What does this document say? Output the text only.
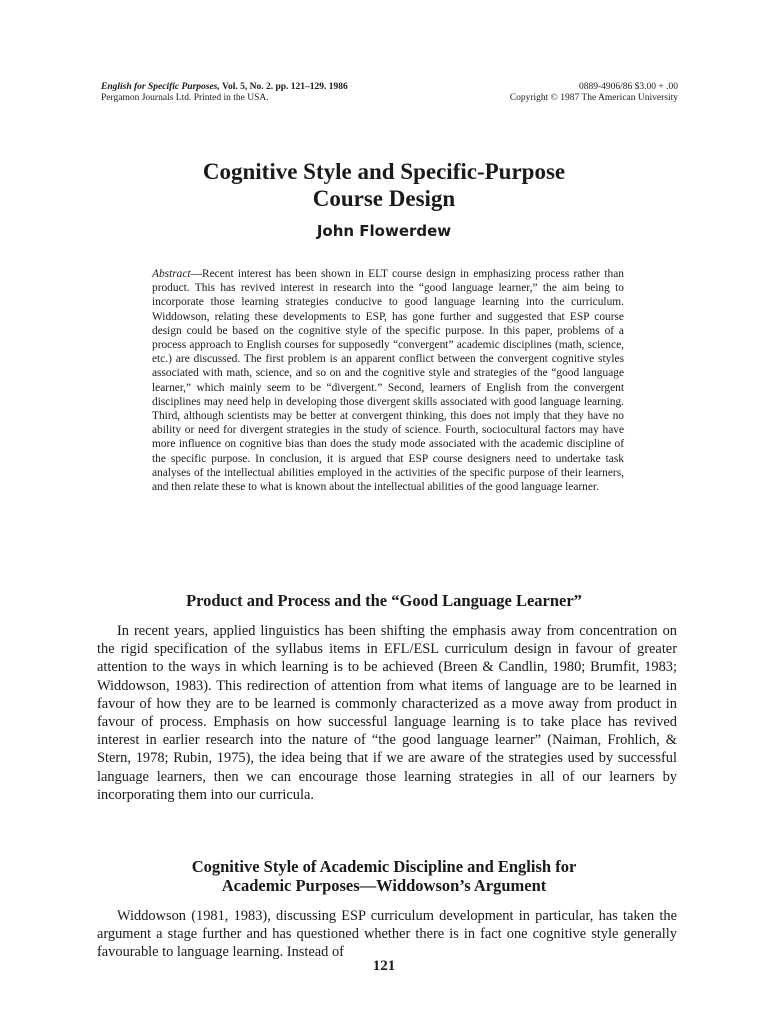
English for Specific Purposes, Vol. 5, No. 2. pp. 121–129. 1986
Pergamon Journals Ltd. Printed in the USA.
0889-4906/86 $3.00 + .00
Copyright © 1987 The American University
Cognitive Style and Specific-Purpose
Course Design

John Flowerdew

Abstract—Recent interest has been shown in ELT course design in emphasizing process rather than product. This has revived interest in research into the “good language learner,” the aim being to incorporate those learning strategies conducive to good language learning into the curriculum. Widdowson, relating these developments to ESP, has gone further and suggested that ESP course design could be based on the cognitive style of the specific purpose. In this paper, problems of a process approach to English courses for supposedly “convergent” academic disciplines (math, science, etc.) are discussed. The first problem is an apparent conflict between the convergent cognitive styles associated with math, science, and so on and the cognitive style and strategies of the “good language learner,” which mainly seem to be “divergent.” Second, learners of English from the convergent disciplines may need help in developing those divergent skills associated with good language learning. Third, although scientists may be better at convergent thinking, this does not imply that they have no ability or need for divergent strategies in the study of science. Fourth, sociocultural factors may have more influence on cognitive bias than does the study mode associated with the academic discipline of the specific purpose. In conclusion, it is argued that ESP course designers need to undertake task analyses of the intellectual abilities employed in the activities of the specific purpose of their learners, and then relate these to what is known about the intellectual abilities of the good language learner.

Product and Process and the “Good Language Learner”

In recent years, applied linguistics has been shifting the emphasis away from concentration on the rigid specification of the syllabus items in EFL/ESL curriculum design in favour of greater attention to the ways in which learning is to be achieved (Breen & Candlin, 1980; Brumfit, 1983; Widdowson, 1983). This redirection of attention from what items of language are to be learned in favour of how they are to be learned is commonly characterized as a move away from product in favour of process. Emphasis on how successful language learning is to take place has revived interest in earlier research into the nature of “the good language learner” (Naiman, Frohlich, & Stern, 1978; Rubin, 1975), the idea being that if we are aware of the strategies used by successful language learners, then we can encourage those learning strategies in all of our learners by incorporating them into our curricula.

Cognitive Style of Academic Discipline and English for
Academic Purposes—Widdowson’s Argument

Widdowson (1981, 1983), discussing ESP curriculum development in particular, has taken the argument a stage further and has questioned whether there is in fact one cognitive style generally favourable to language learning. Instead of

121
